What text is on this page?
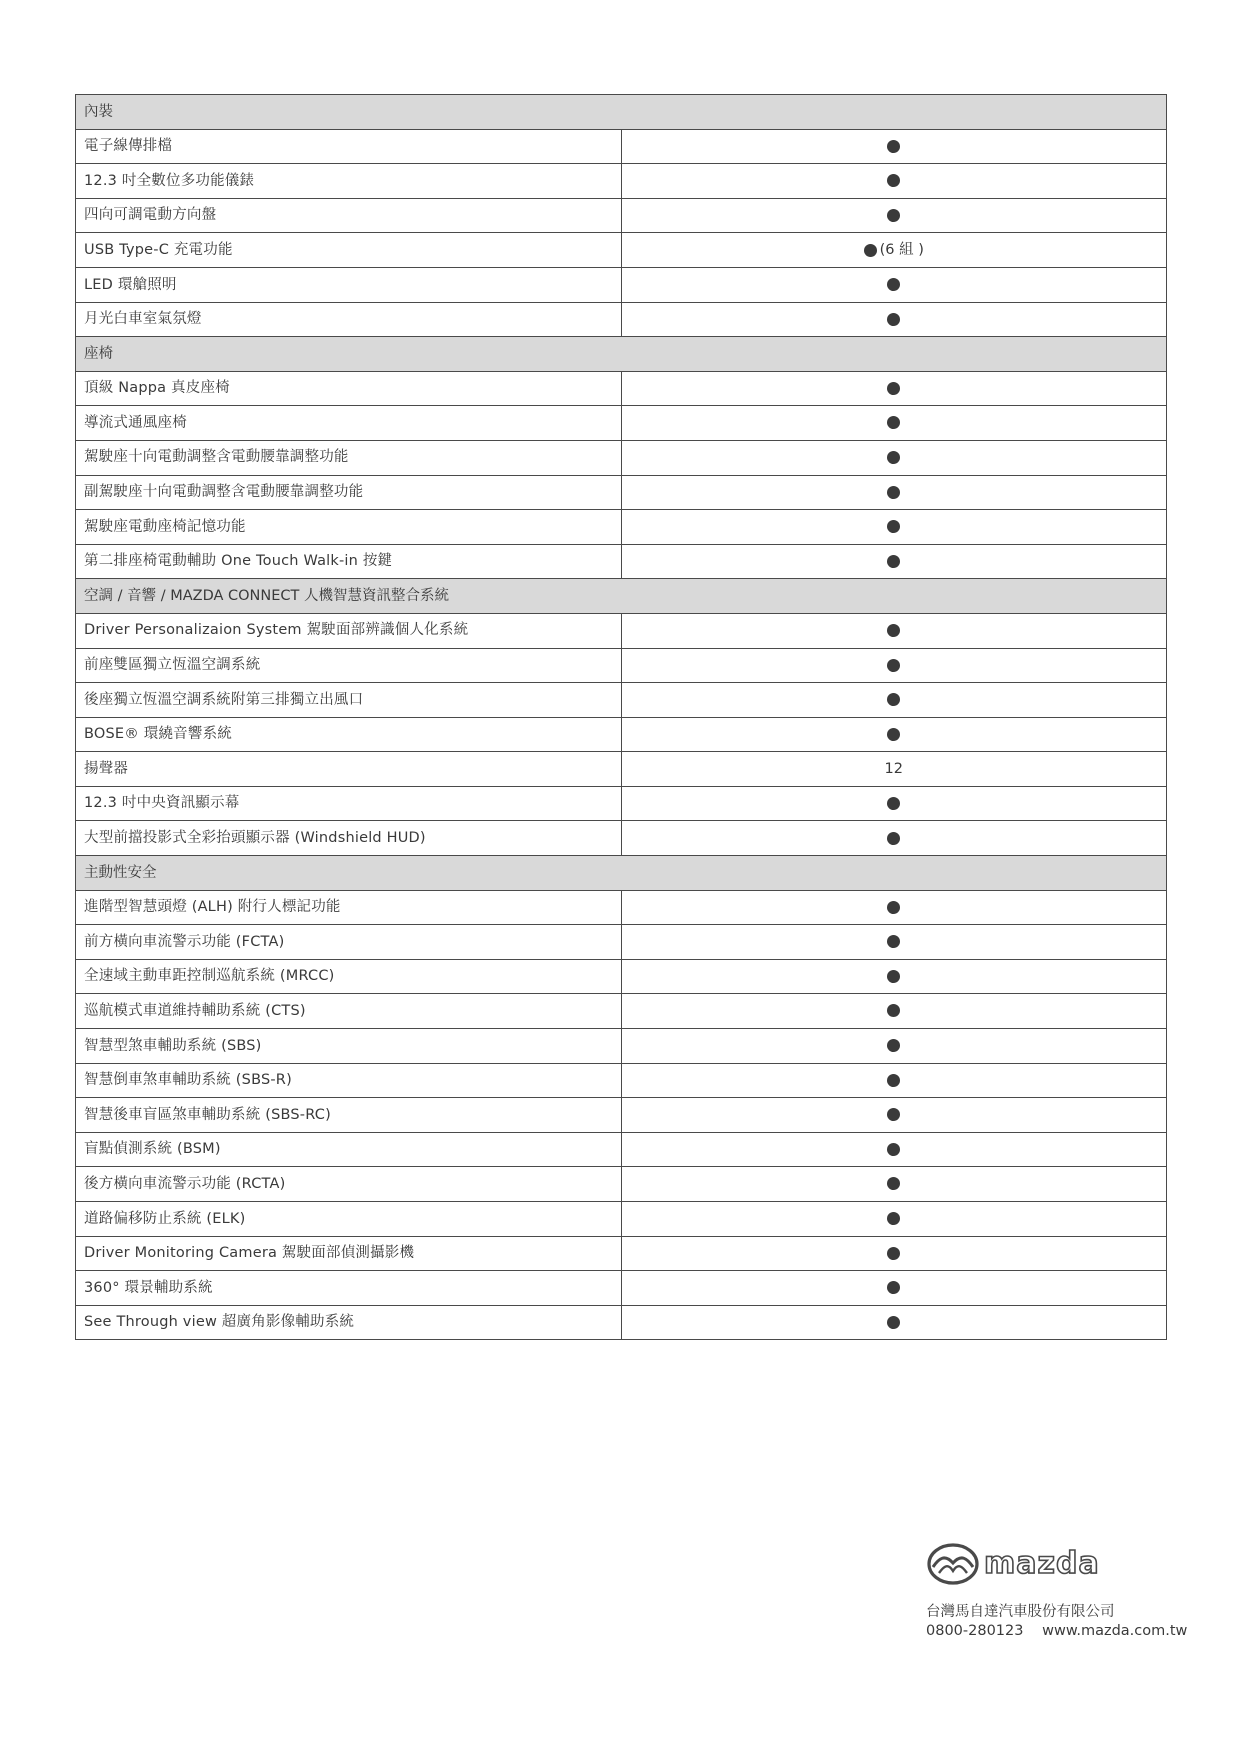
內裝	
電子線傳排檔	
12.3 吋全數位多功能儀錶	
四向可調電動方向盤	
USB Type-C 充電功能	(6 組 )
LED 環艙照明	
月光白車室氣氛燈	
座椅	
頂級 Nappa 真皮座椅	
導流式通風座椅	
駕駛座十向電動調整含電動腰靠調整功能	
副駕駛座十向電動調整含電動腰靠調整功能	
駕駛座電動座椅記憶功能	
第二排座椅電動輔助 One Touch Walk-in 按鍵	
空調 / 音響 / MAZDA CONNECT 人機智慧資訊整合系統	
Driver Personalizaion System 駕駛面部辨識個人化系統	
前座雙區獨立恆溫空調系統	
後座獨立恆溫空調系統附第三排獨立出風口	
BOSE® 環繞音響系統	
揚聲器	12
12.3 吋中央資訊顯示幕	
大型前擋投影式全彩抬頭顯示器 (Windshield HUD)	
主動性安全	
進階型智慧頭燈 (ALH) 附行人標記功能	
前方橫向車流警示功能 (FCTA)	
全速域主動車距控制巡航系統 (MRCC)	
巡航模式車道維持輔助系統 (CTS)	
智慧型煞車輔助系統 (SBS)	
智慧倒車煞車輔助系統 (SBS-R)	
智慧後車盲區煞車輔助系統 (SBS-RC)	
盲點偵測系統 (BSM)	
後方橫向車流警示功能 (RCTA)	
道路偏移防止系統 (ELK)	
Driver Monitoring Camera 駕駛面部偵測攝影機	
360° 環景輔助系統	
See Through view 超廣角影像輔助系統	
mazda
台灣馬自達汽車股份有限公司
0800-280123 www.mazda.com.tw
